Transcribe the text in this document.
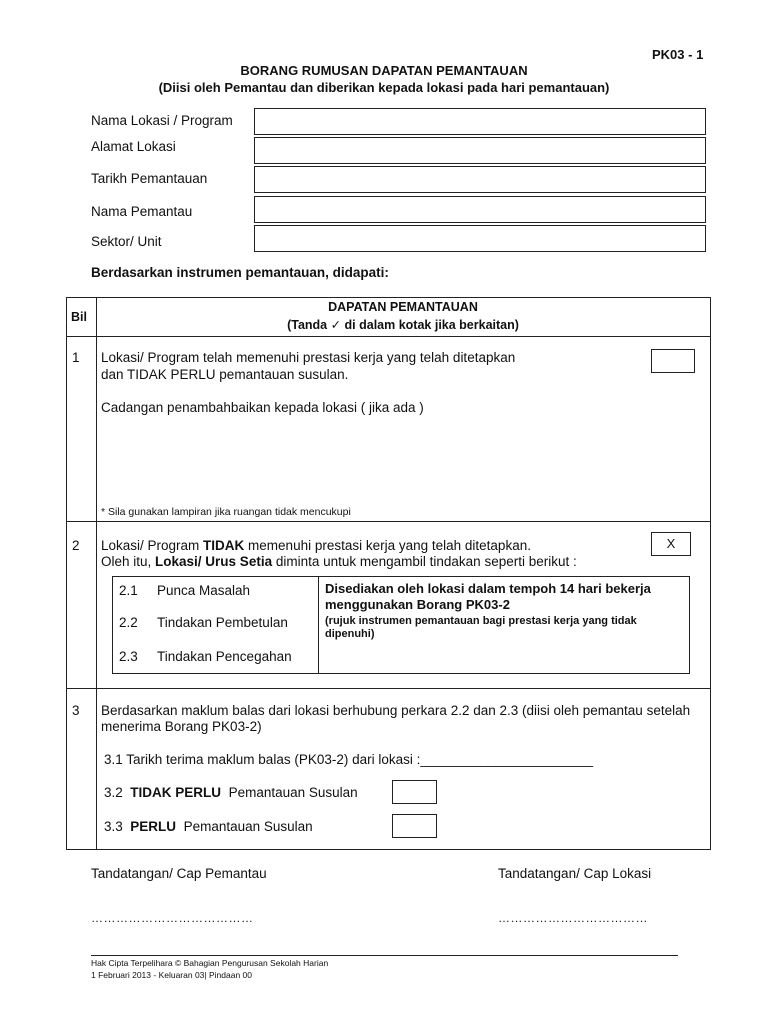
PK03 - 1
BORANG RUMUSAN DAPATAN PEMANTAUAN
(Diisi oleh Pemantau dan diberikan kepada lokasi pada hari pemantauan)
Nama Lokasi / Program
Alamat Lokasi
Tarikh Pemantauan
Nama Pemantau
Sektor/ Unit
Berdasarkan instrumen pemantauan, didapati:
Bil
DAPATAN PEMANTAUAN
(Tanda ✓ di dalam kotak jika berkaitan)
1 Lokasi/ Program telah memenuhi prestasi kerja yang telah ditetapkan
dan TIDAK PERLU pemantauan susulan.
Cadangan penambahbaikan kepada lokasi ( jika ada )
* Sila gunakan lampiran jika ruangan tidak mencukupi
2 Lokasi/ Program TIDAK memenuhi prestasi kerja yang telah ditetapkan.
Oleh itu, Lokasi/ Urus Setia diminta untuk mengambil tindakan seperti berikut :
X
2.1 Punca Masalah
2.2 Tindakan Pembetulan
2.3 Tindakan Pencegahan
Disediakan oleh lokasi dalam tempoh 14 hari bekerja menggunakan Borang PK03-2
(rujuk instrumen pemantauan bagi prestasi kerja yang tidak dipenuhi)
3 Berdasarkan maklum balas dari lokasi berhubung perkara 2.2 dan 2.3 (diisi oleh pemantau setelah
menerima Borang PK03-2)
3.1 Tarikh terima maklum balas (PK03-2) dari lokasi :_______________________
3.2 TIDAK PERLU Pemantauan Susulan
3.3 PERLU Pemantauan Susulan
Tandatangan/ Cap Pemantau	Tandatangan/ Cap Lokasi
…………………………………	………………………………
Hak Cipta Terpelihara © Bahagian Pengurusan Sekolah Harian
1 Februari 2013 - Keluaran 03| Pindaan 00
